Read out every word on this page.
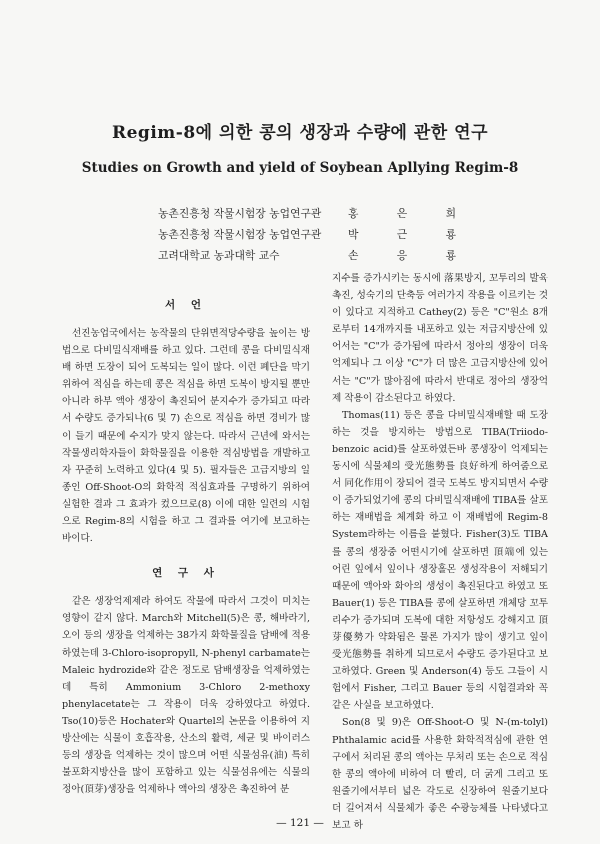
Regim-8에 의한 콩의 생장과 수량에 관한 연구
Studies on Growth and yield of Soybean Apllying Regim-8
농촌진흥청 작물시험장 농업연구관 홍	은	희
농촌진흥청 작물시험장 농업연구관 박	근	룡
고려대학교 농과대학 교수	손	응	룡
서 언

선진농업국에서는 농작물의 단위면적당수량을 높이는 방법으로 다비밀식재배를 하고 있다. 그런데 콩을 다비밀식재배 하면 도장이 되어 도복되는 일이 많다. 이런 폐단을 막기 위하여 적심을 하는데 콩은 적심을 하면 도복이 방지될 뿐만 아니라 하부 액아 생장이 촉진되어 분지수가 증가되고 따라서 수량도 증가되나(6 및 7) 손으로 적심을 하면 경비가 많이 들기 때문에 수지가 맞지 않는다. 따라서 근년에 와서는 작물생리학자들이 화학물질을 이용한 적심방법을 개발하고자 꾸준히 노력하고 있다(4 및 5). 필자들은 고급지방의 일종인 Off-Shoot-O의 화학적 적심효과를 구명하기 위하여 실험한 결과 그 효과가 컸으므로(8) 이에 대한 일련의 시험으로 Regim-8의 시험을 하고 그 결과를 여기에 보고하는 바이다.

연 구 사

같은 생장억제제라 하여도 작물에 따라서 그것이 미치는 영향이 같지 않다. March와 Mitchell(5)은 콩, 해바라기, 오이 등의 생장을 억제하는 38가지 화학물질을 담배에 적용하였는데 3-Chloro-isopropyll, N-phenyl carbamate는 Maleic hydrozide와 같은 정도로 담배생장을 억제하였는데 특히 Ammonium 3-Chloro 2-methoxy phenylacetate는 그 작용이 더욱 강하였다고 하였다. Tso(10)등은 Hochater와 Quartel의 논문을 이용하여 지방산에는 식물이 호흡작용, 산소의 활력, 세균 및 바이러스등의 생장을 억제하는 것이 많으며 어떤 식물섬유(油) 특히 불포화지방산을 많이 포함하고 있는 식물섬유에는 식물의 정아(頂芽)생장을 억제하나 액아의 생장은 촉진하여 분

지수를 증가시키는 동시에 落果방지, 꼬투리의 발육촉진, 성숙기의 단축등 여러가지 작용을 이르키는 것이 있다고 지적하고 Cathey(2) 등은 "C"원소 8개로부터 14개까지를 내포하고 있는 저급지방산에 있어서는 "C"가 증가됨에 따라서 정아의 생장이 더욱 억제되나 그 이상 "C"가 더 많은 고급지방산에 있어서는 "C"가 많아짐에 따라서 반대로 정아의 생장억제 작용이 감소된다고 하였다.

Thomas(11) 등은 콩을 다비밀식재배할 때 도장하는 것을 방지하는 방법으로 TIBA(Triiodo-benzoic acid)를 살포하였든바 콩생장이 억제되는 동시에 식물체의 受光態勢를 良好하게 하여줌으로서 同化作用이 장되어 결국 도복도 방지되면서 수량이 증가되었기에 콩의 다비밀식재배에 TIBA를 살포하는 재배법을 체계화 하고 이 재배법에 Regim-8 System라하는 이름을 붙혔다. Fisher(3)도 TIBA를 콩의 생장중 어떤시기에 살포하면 頂端에 있는 어린 잎에서 잎이나 생장홀몬 생성작용이 저해되기 때문에 액아와 화아의 생성이 촉진된다고 하였고 또 Bauer(1) 등은 TIBA를 콩에 살포하면 개체당 꼬투리수가 증가되며 도복에 대한 저항성도 강해지고 頂芽優勢가 약화됨은 물론 가지가 많이 생기고 잎이 受光態勢를 취하게 되므로서 수량도 증가된다고 보고하였다. Green 및 Anderson(4) 등도 그들이 시험에서 Fisher, 그리고 Bauer 등의 시험결과와 꼭 같은 사실을 보고하였다.

Son(8 및 9)은 Off-Shoot-O 및 N-(m-tolyl) Phthalamic acid를 사용한 화학적적심에 관한 연구에서 처리된 콩의 액아는 무처리 또는 손으로 적심한 콩의 액아에 비하여 더 빨리, 더 굵게 그리고 또 원줄기에서부터 넓은 각도로 신장하여 원줄기보다 더 길어져서 식물체가 좋은 수광능체를 나타냈다고 보고 하

— 121 —
